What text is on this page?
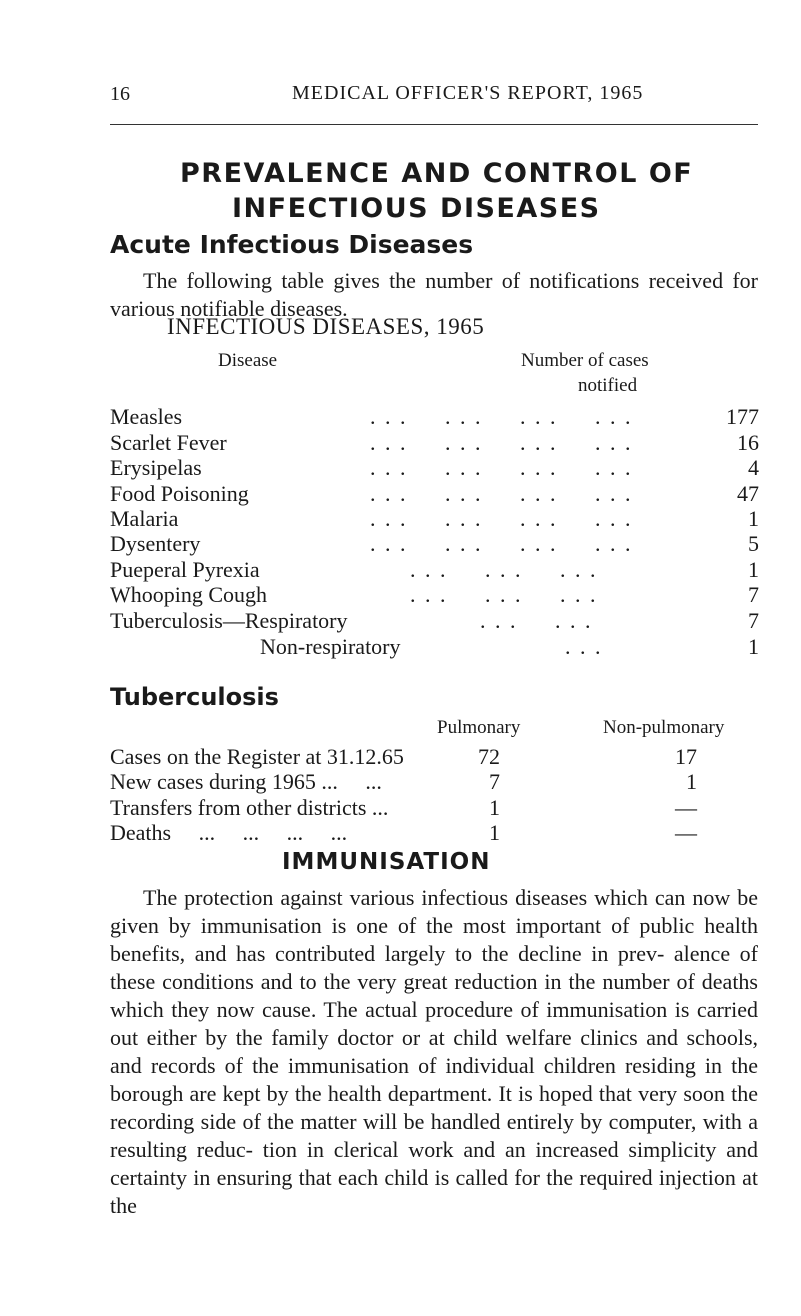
16	MEDICAL OFFICER'S REPORT, 1965
PREVALENCE AND CONTROL OF
INFECTIOUS DISEASES
Acute Infectious Diseases
The following table gives the number of notifications received for various notifiable diseases.
INFECTIOUS DISEASES, 1965
Disease	Number of cases
notified
Measles	. . .     . . .     . . .     . . .	177
Scarlet Fever	. . .     . . .     . . .     . . .	16
Erysipelas	. . .     . . .     . . .     . . .	4
Food Poisoning	. . .     . . .     . . .     . . .	47
Malaria	. . .     . . .     . . .     . . .	1
Dysentery	. . .     . . .     . . .     . . .	5
Pueperal Pyrexia	. . .     . . .     . . .	1
Whooping Cough	. . .     . . .     . . .	7
Tuberculosis—Respiratory	. . .     . . .	7
Non-respiratory	. . .	1
Tuberculosis
Pulmonary	Non-pulmonary
Cases on the Register at 31.12.65	72	17
New cases during 1965 ...     ...	7	1
Transfers from other districts ...	1	—
Deaths     ...     ...     ...     ...	1	—
IMMUNISATION
The protection against various infectious diseases which can now be given by immunisation is one of the most important of public health benefits, and has contributed largely to the decline in prev- alence of these conditions and to the very great reduction in the number of deaths which they now cause. The actual procedure of immunisation is carried out either by the family doctor or at child welfare clinics and schools, and records of the immunisation of individual children residing in the borough are kept by the health department. It is hoped that very soon the recording side of the matter will be handled entirely by computer, with a resulting reduc- tion in clerical work and an increased simplicity and certainty in ensuring that each child is called for the required injection at the
